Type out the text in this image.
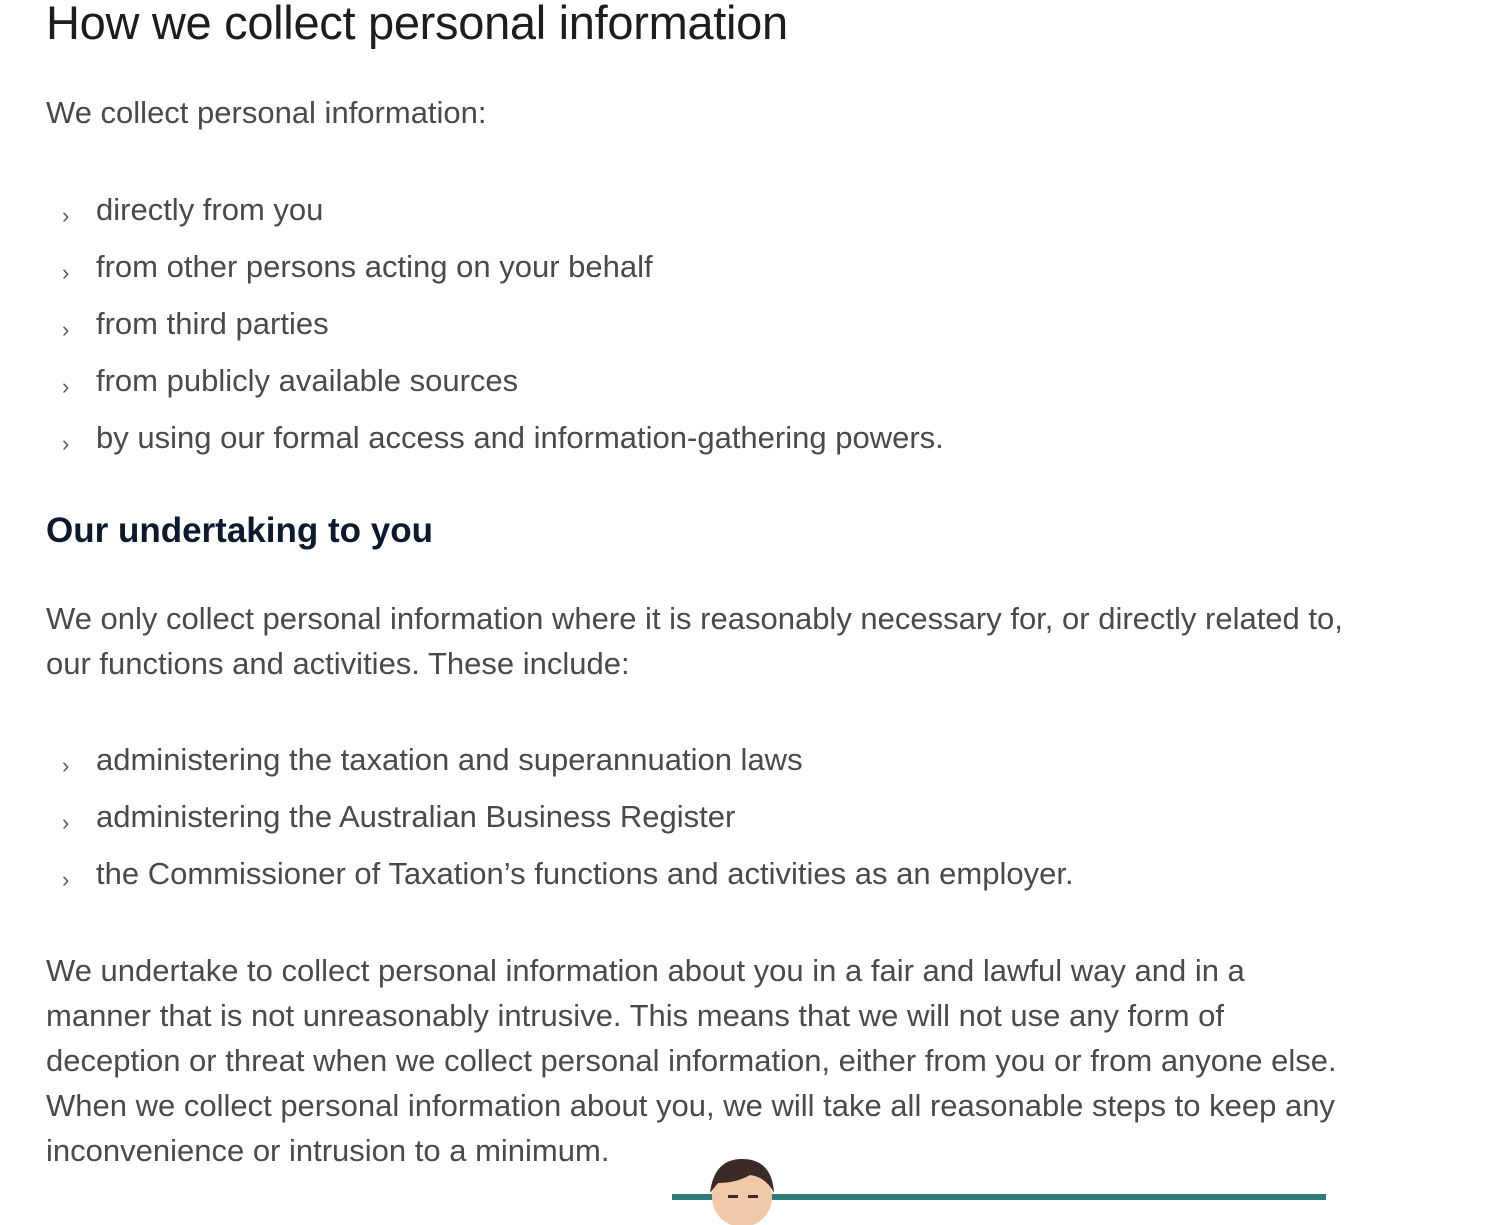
How we collect personal information

We collect personal information:

› directly from you
› from other persons acting on your behalf
› from third parties
› from publicly available sources
› by using our formal access and information-gathering powers.
Our undertaking to you

We only collect personal information where it is reasonably necessary for, or directly related to, our functions and activities. These include:

› administering the taxation and superannuation laws
› administering the Australian Business Register
› the Commissioner of Taxation’s functions and activities as an employer.

We undertake to collect personal information about you in a fair and lawful way and in a manner that is not unreasonably intrusive. This means that we will not use any form of deception or threat when we collect personal information, either from you or from anyone else. When we collect personal information about you, we will take all reasonable steps to keep any inconvenience or intrusion to a minimum.
